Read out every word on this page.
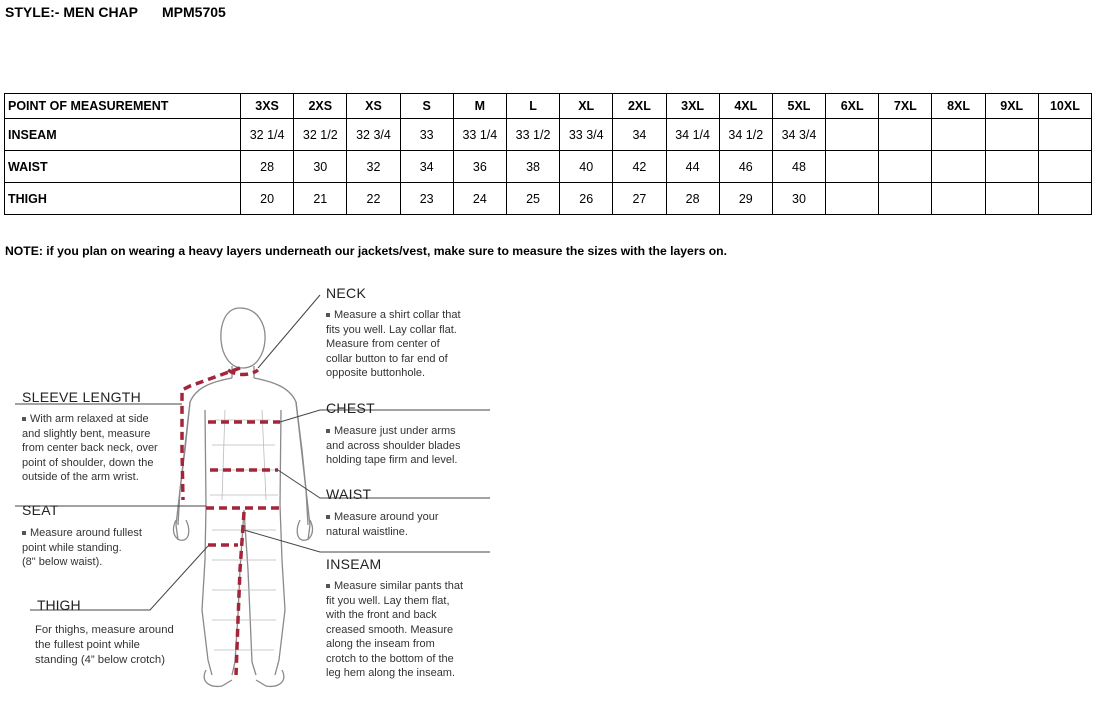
STYLE:- MEN CHAP MPM5705
POINT OF MEASUREMENT	3XS	2XS	XS	S	M	L	XL	2XL	3XL	4XL	5XL	6XL	7XL	8XL	9XL	10XL
INSEAM	32 1/4	32 1/2	32 3/4	33	33 1/4	33 1/2	33 3/4	34	34 1/4	34 1/2	34 3/4					
WAIST	28	30	32	34	36	38	40	42	44	46	48					
THIGH	20	21	22	23	24	25	26	27	28	29	30					
NOTE: if you plan on wearing a heavy layers underneath our jackets/vest, make sure to measure the sizes with the layers on.
NECK
Measure a shirt collar that
fits you well. Lay collar flat.
Measure from center of
collar button to far end of
opposite buttonhole.
CHEST
Measure just under arms
and across shoulder blades
holding tape firm and level.
WAIST
Measure around your
natural waistline.
INSEAM
Measure similar pants that
fit you well. Lay them flat,
with the front and back
creased smooth. Measure
along the inseam from
crotch to the bottom of the
leg hem along the inseam.
SLEEVE LENGTH
With arm relaxed at side
and slightly bent, measure
from center back neck, over
point of shoulder, down the
outside of the arm wrist.
SEAT
Measure around fullest
point while standing.
(8" below waist).
THIGH
For thighs, measure around
the fullest point while
standing (4” below crotch)
